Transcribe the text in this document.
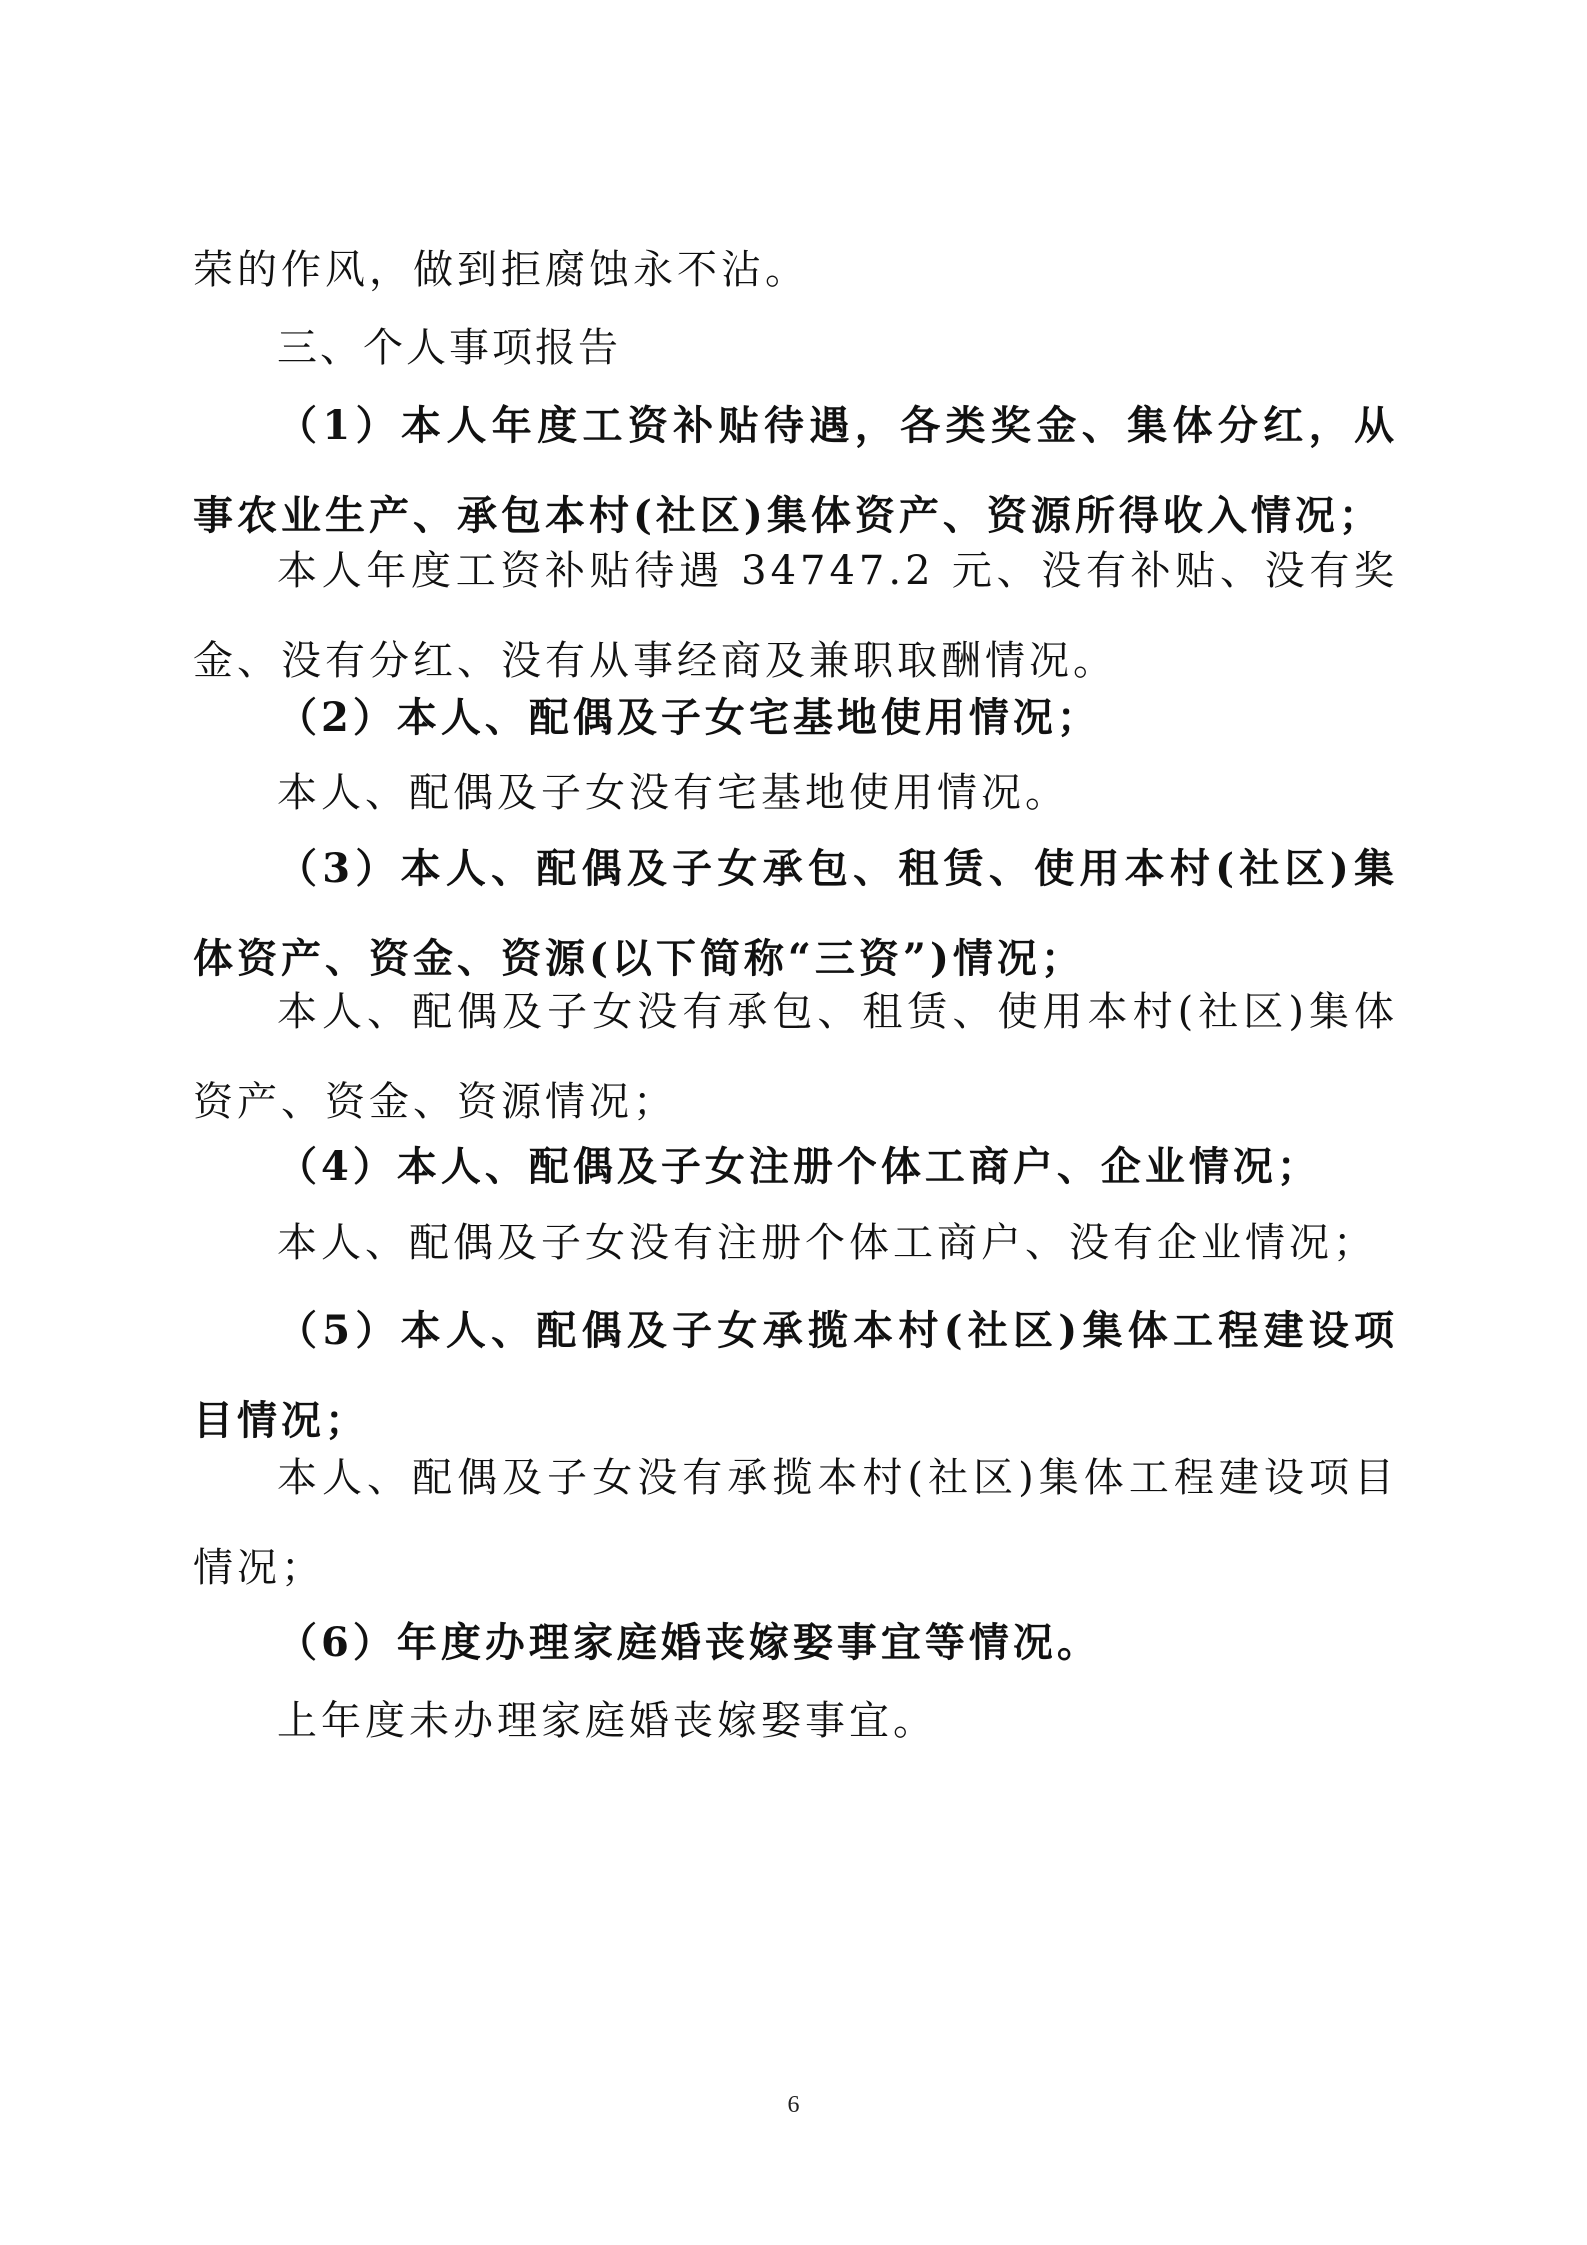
荣的作风，做到拒腐蚀永不沾。

三、个人事项报告

（1）本人年度工资补贴待遇，各类奖金、集体分红，从事农业生产、承包本村(社区)集体资产、资源所得收入情况；

本人年度工资补贴待遇 34747.2 元、没有补贴、没有奖金、没有分红、没有从事经商及兼职取酬情况。

（2）本人、配偶及子女宅基地使用情况；

本人、配偶及子女没有宅基地使用情况。

（3）本人、配偶及子女承包、租赁、使用本村(社区)集体资产、资金、资源(以下简称“三资”)情况；

本人、配偶及子女没有承包、租赁、使用本村(社区)集体资产、资金、资源情况；

（4）本人、配偶及子女注册个体工商户、企业情况；

本人、配偶及子女没有注册个体工商户、没有企业情况；

（5）本人、配偶及子女承揽本村(社区)集体工程建设项目情况；

本人、配偶及子女没有承揽本村(社区)集体工程建设项目情况；

（6）年度办理家庭婚丧嫁娶事宜等情况。

上年度未办理家庭婚丧嫁娶事宜。

6
